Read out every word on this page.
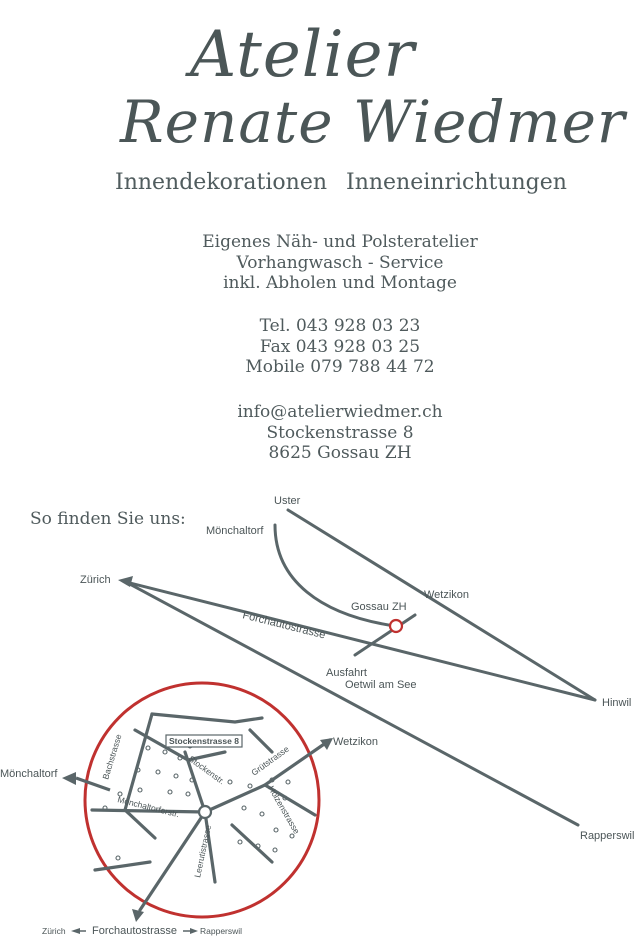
Atelier
Renate Wiedmer
Innendekorationen Inneneinrichtungen
Eigenes Näh- und Polsteratelier
Vorhangwasch - Service
inkl. Abholen und Montage
Tel. 043 928 03 23
Fax 043 928 03 25
Mobile 079 788 44 72
info@atelierwiedmer.ch
Stockenstrasse 8
8625 Gossau ZH
So finden Sie uns:
Uster
Mönchaltorf
Zürich
Gossau ZH
Wetzikon
Forchautostrasse
Ausfahrt
Oetwil am See
Hinwil
Rapperswil
Stockenstrasse 8
Bachstrasse	Stockenstr.	Grütstrasse
Mönchaltorferstr.	Holzenstrasse
Leerutistrasse
Wetzikon
Mönchaltorf
Zürich Forchautostrasse	Rapperswil
